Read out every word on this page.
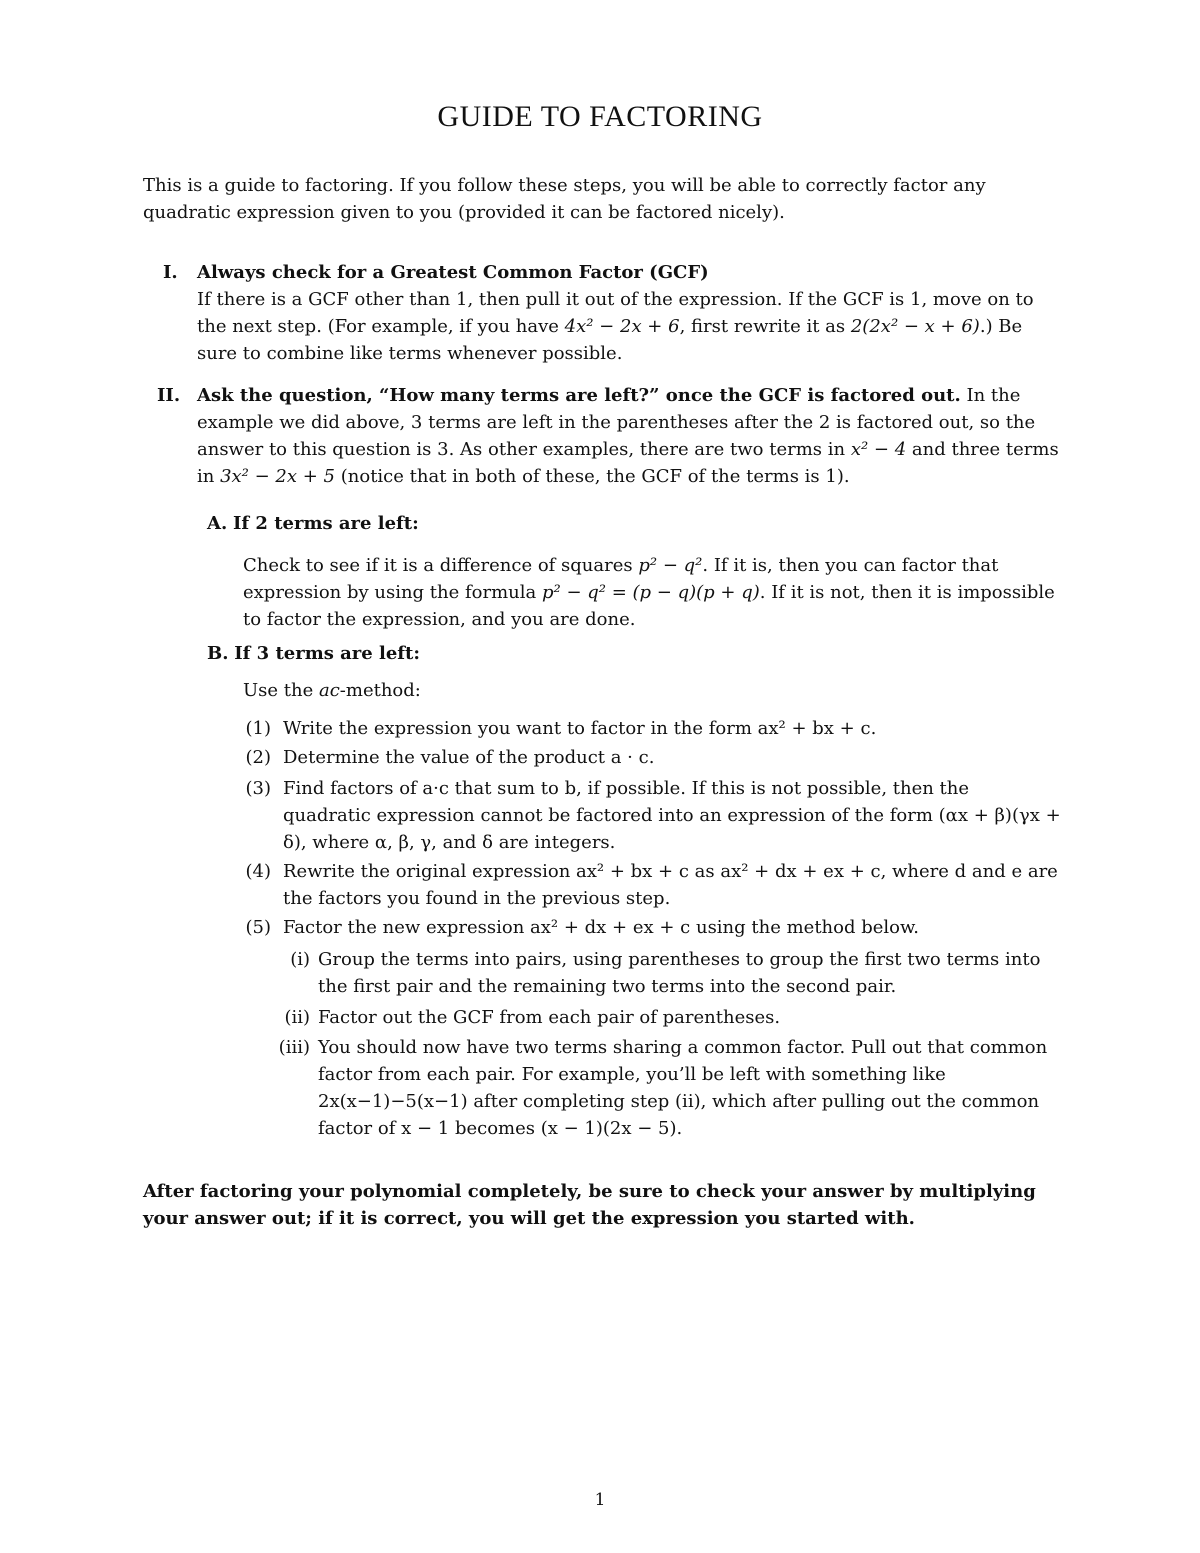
GUIDE TO FACTORING

This is a guide to factoring. If you follow these steps, you will be able to correctly factor any quadratic expression given to you (provided it can be factored nicely).

I. Always check for a Greatest Common Factor (GCF)
If there is a GCF other than 1, then pull it out of the expression. If the GCF is 1, move on to the next step. (For example, if you have 4x² − 2x + 6, first rewrite it as 2(2x² − x + 6).) Be sure to combine like terms whenever possible.
II. Ask the question, “How many terms are left?” once the GCF is factored out. In the example we did above, 3 terms are left in the parentheses after the 2 is factored out, so the answer to this question is 3. As other examples, there are two terms in x² − 4 and three terms in 3x² − 2x + 5 (notice that in both of these, the GCF of the terms is 1).
A. If 2 terms are left:
Check to see if it is a difference of squares p² − q². If it is, then you can factor that expression by using the formula p² − q² = (p − q)(p + q). If it is not, then it is impossible to factor the expression, and you are done.
B. If 3 terms are left:
Use the ac-method:
(1) Write the expression you want to factor in the form ax² + bx + c.
(2) Determine the value of the product a · c.
(3) Find factors of a·c that sum to b, if possible. If this is not possible, then the quadratic expression cannot be factored into an expression of the form (αx + β)(γx + δ), where α, β, γ, and δ are integers.
(4) Rewrite the original expression ax² + bx + c as ax² + dx + ex + c, where d and e are the factors you found in the previous step.
(5) Factor the new expression ax² + dx + ex + c using the method below.
(i) Group the terms into pairs, using parentheses to group the first two terms into the first pair and the remaining two terms into the second pair.
(ii) Factor out the GCF from each pair of parentheses.
(iii) You should now have two terms sharing a common factor. Pull out that common factor from each pair. For example, you’ll be left with something like 2x(x−1)−5(x−1) after completing step (ii), which after pulling out the common factor of x − 1 becomes (x − 1)(2x − 5).

After factoring your polynomial completely, be sure to check your answer by multiplying your answer out; if it is correct, you will get the expression you started with.

1
